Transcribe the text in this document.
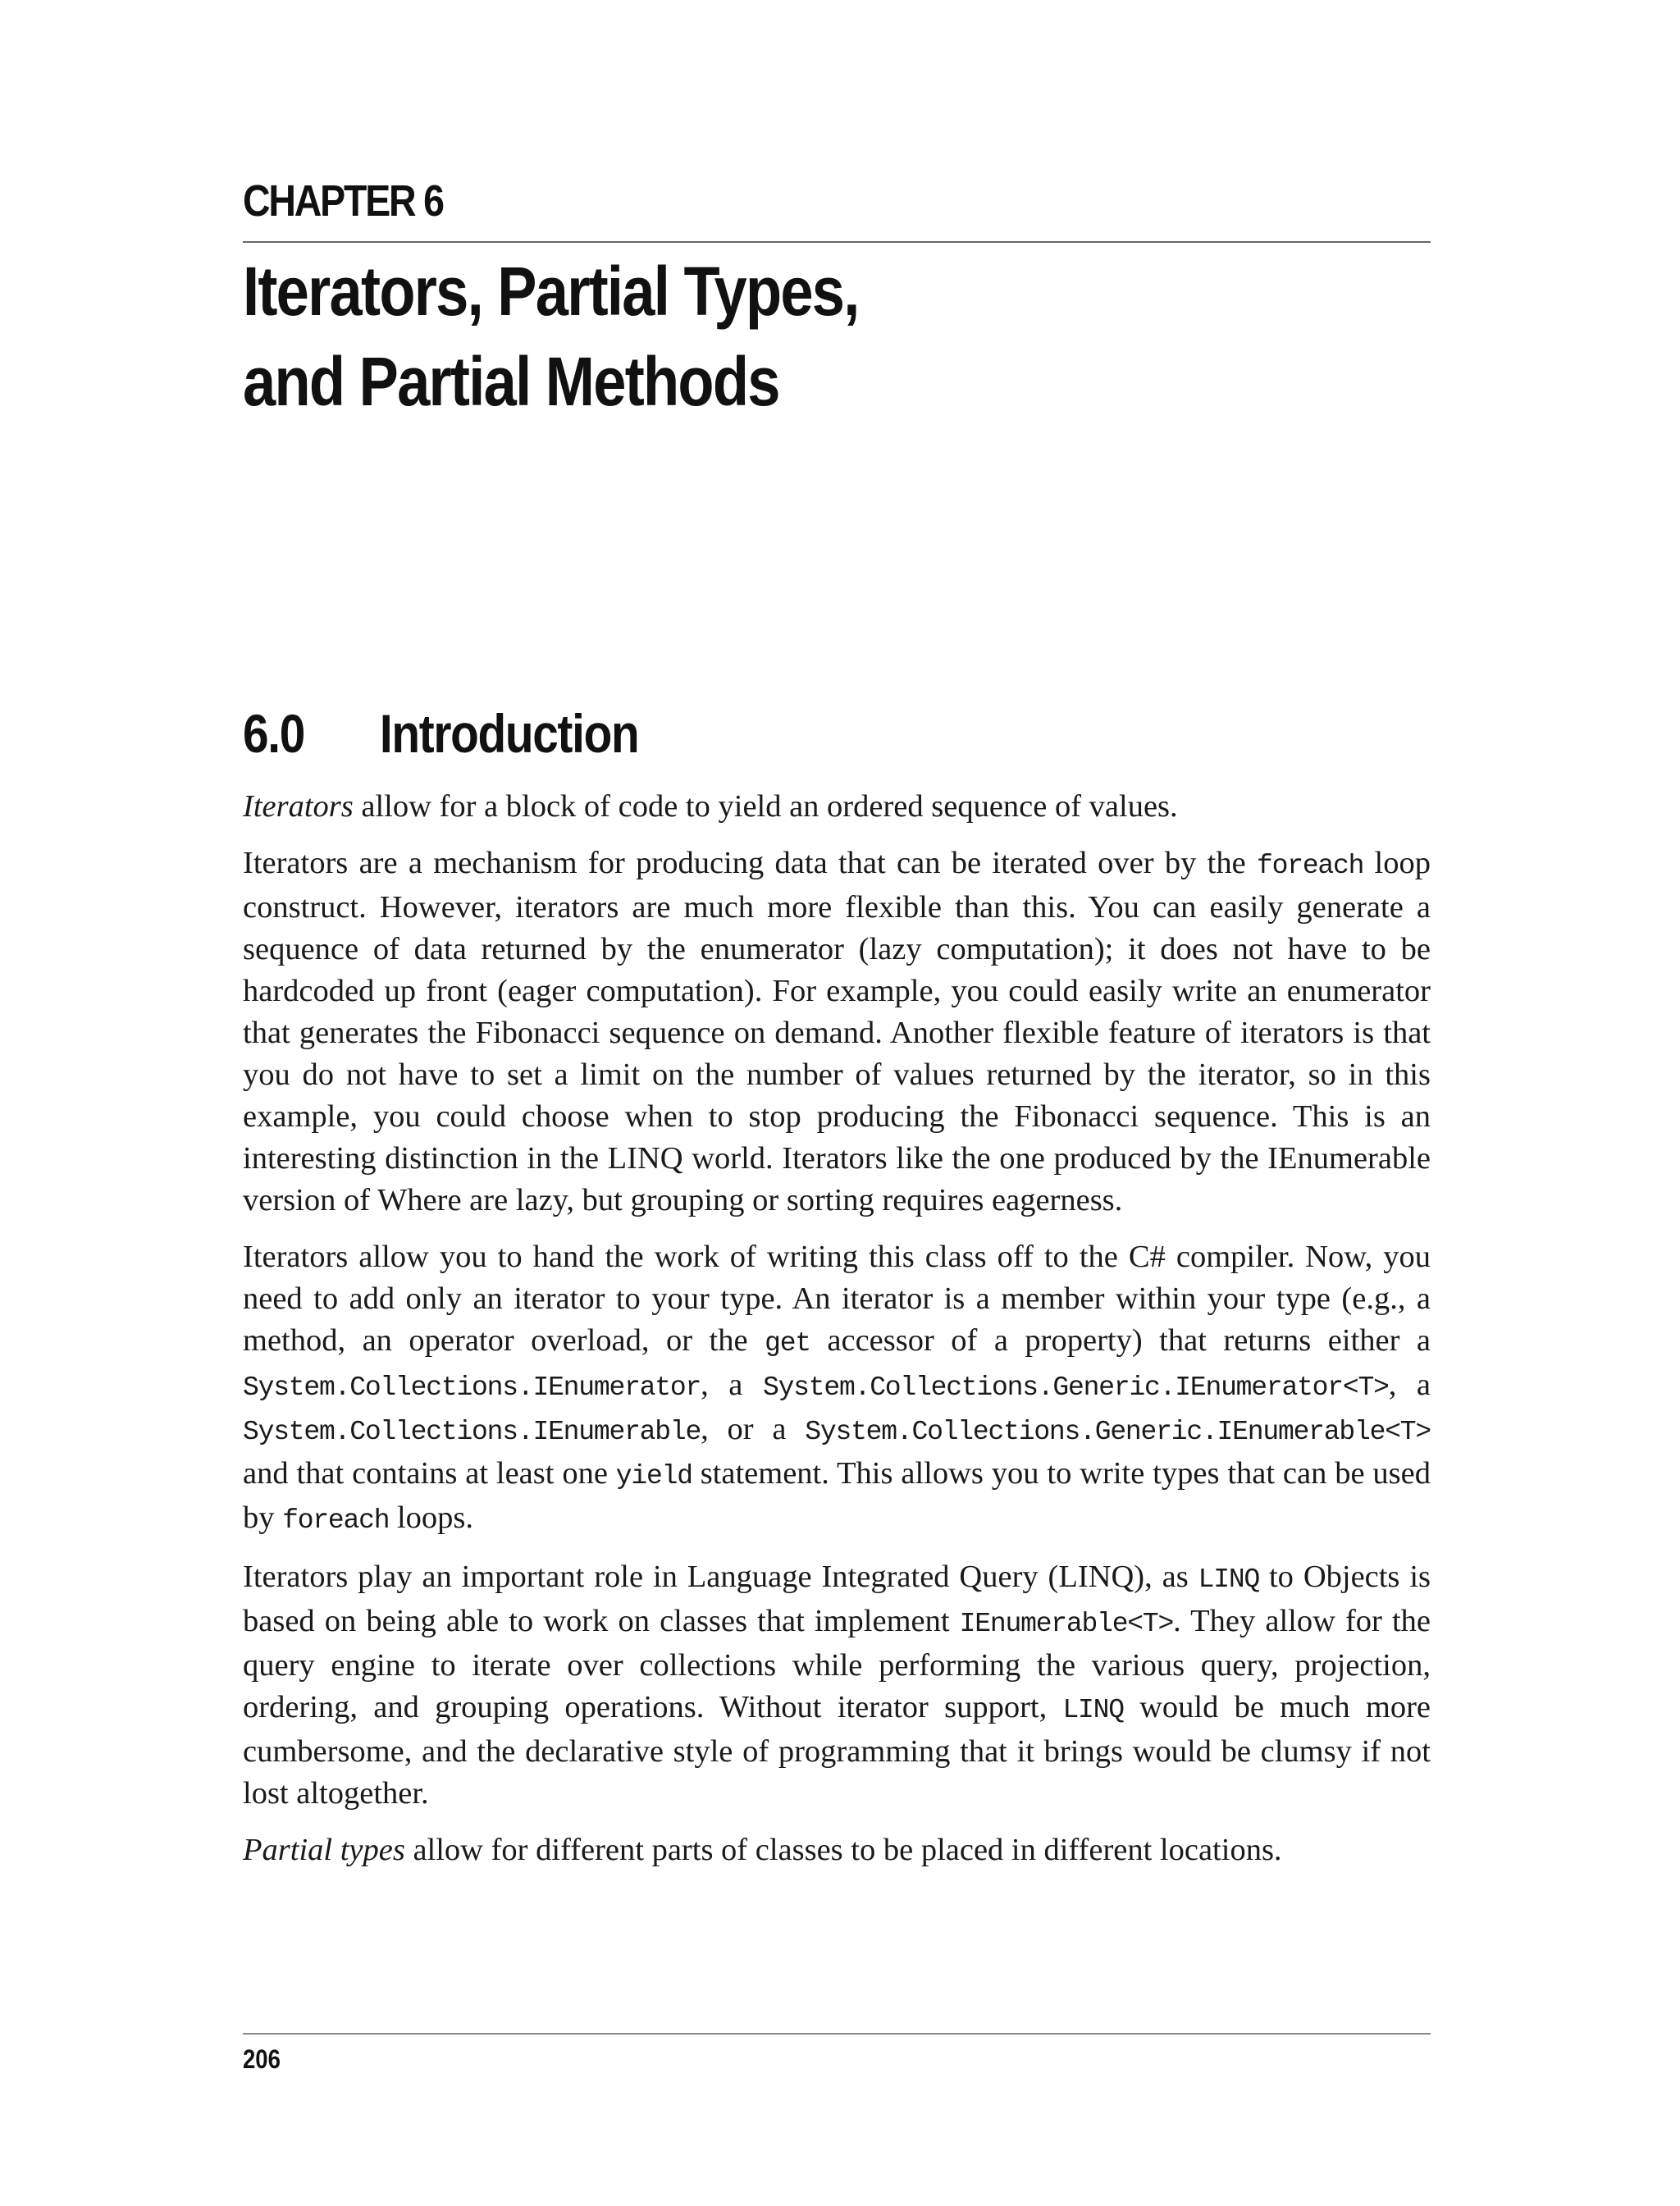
CHAPTER 6
Iterators, Partial Types,
and Partial Methods
6.0 Introduction

Iterators allow for a block of code to yield an ordered sequence of values.

Iterators are a mechanism for producing data that can be iterated over by the foreach loop construct. However, iterators are much more flexible than this. You can easily generate a sequence of data returned by the enumerator (lazy computation); it does not have to be hardcoded up front (eager computation). For example, you could easily write an enumerator that generates the Fibonacci sequence on demand. Another flexible feature of iterators is that you do not have to set a limit on the number of values returned by the iterator, so in this example, you could choose when to stop producing the Fibonacci sequence. This is an interesting distinction in the LINQ world. Iterators like the one produced by the IEnumerable version of Where are lazy, but grouping or sorting requires eagerness.

Iterators allow you to hand the work of writing this class off to the C# compiler. Now, you need to add only an iterator to your type. An iterator is a member within your type (e.g., a method, an operator overload, or the get accessor of a property) that returns either a System.Collections.IEnumerator, a System.Collections.Generic.IEnumerator<T>, a System.Collections.IEnumerable, or a System.Collections.Generic.IEnumerable<T> and that contains at least one yield statement. This allows you to write types that can be used by foreach loops.

Iterators play an important role in Language Integrated Query (LINQ), as LINQ to Objects is based on being able to work on classes that implement IEnumerable<T>. They allow for the query engine to iterate over collections while performing the various query, projection, ordering, and grouping operations. Without iterator support, LINQ would be much more cumbersome, and the declarative style of programming that it brings would be clumsy if not lost altogether.

Partial types allow for different parts of classes to be placed in different locations.

206
